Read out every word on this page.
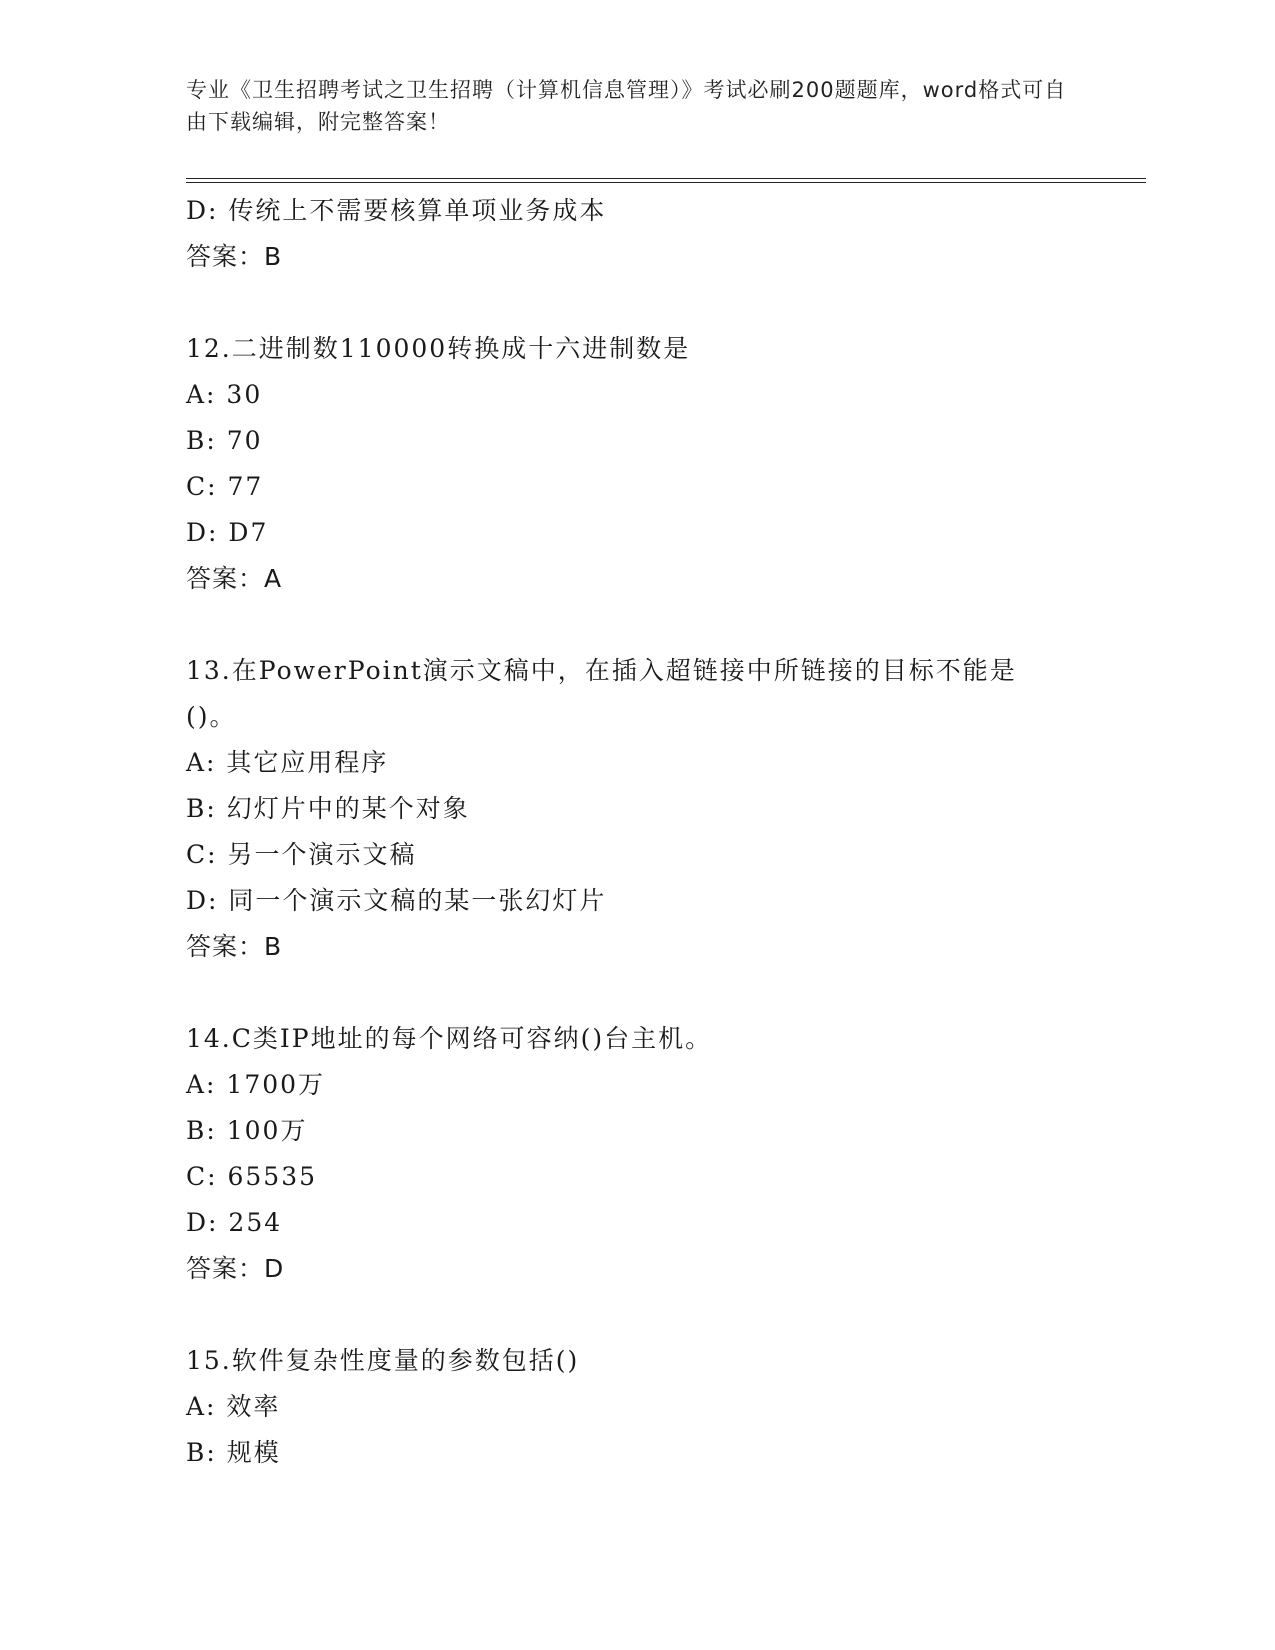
专业《卫生招聘考试之卫生招聘（计算机信息管理）》考试必刷200题题库，word格式可自由下载编辑，附完整答案！
D: 传统上不需要核算单项业务成本
答案：B
12.二进制数110000转换成十六进制数是
A: 30
B: 70
C: 77
D: D7
答案：A
13.在PowerPoint演示文稿中，在插入超链接中所链接的目标不能是()。
A: 其它应用程序
B: 幻灯片中的某个对象
C: 另一个演示文稿
D: 同一个演示文稿的某一张幻灯片
答案：B
14.C类IP地址的每个网络可容纳()台主机。
A: 1700万
B: 100万
C: 65535
D: 254
答案：D
15.软件复杂性度量的参数包括()
A: 效率
B: 规模
